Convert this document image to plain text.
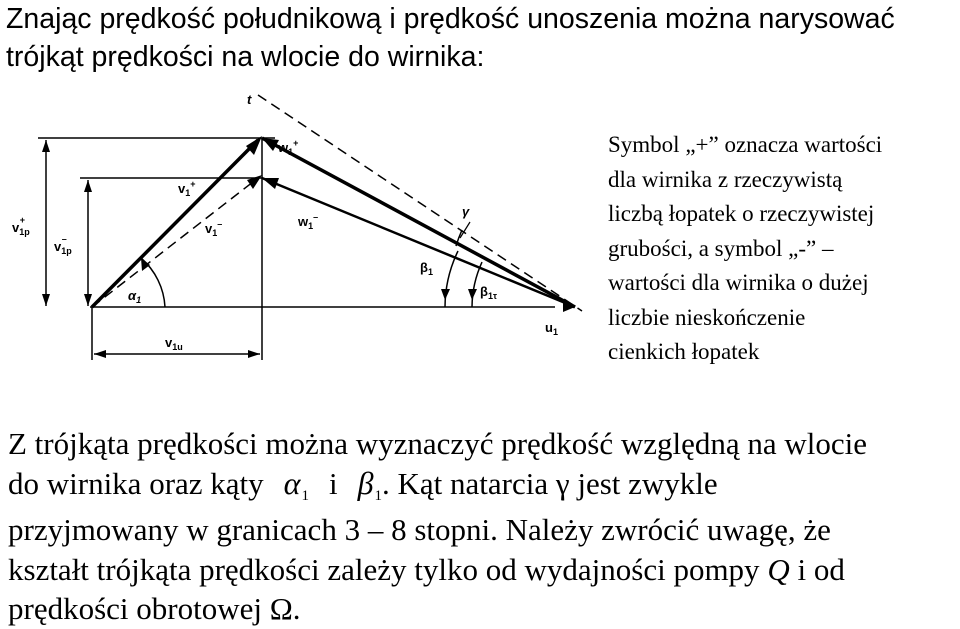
Znając prędkość południkową i prędkość unoszenia można narysować
trójkąt prędkości na wlocie do wirnika:
t
$w_1^+$
$v_1^+$
$v_1^-$	$w_1^-$
$v_{1p}+$
$v_{1p}-$
γ
$\beta_1$
$\beta_{1\tau}$
$\alpha_1$
$u_1$
$v_{1u}$
Symbol „+” oznacza wartości
dla wirnika z rzeczywistą
liczbą łopatek o rzeczywistej
grubości, a symbol „-” –
wartości dla wirnika o dużej
liczbie nieskończenie
cienkich łopatek
Z trójkąta prędkości można wyznaczyć prędkość względną na wlocie
do wirnika oraz kąty α1 i β1. Kąt natarcia γ jest zwykle
przyjmowany w granicach 3 – 8 stopni. Należy zwrócić uwagę, że
kształt trójkąta prędkości zależy tylko od wydajności pompy Q i od
prędkości obrotowej Ω.
